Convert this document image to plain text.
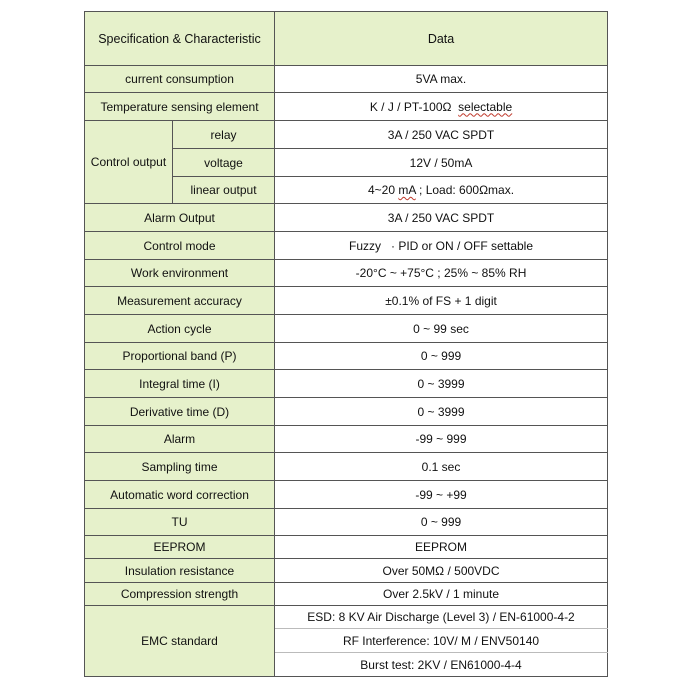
Specification & Characteristic		Data
current consumption		5VA max.
Temperature sensing element		K / J / PT-100Ω selectable
Control output	relay	3A / 250 VAC SPDT
	voltage	12V / 50mA
	linear output	4~20 mA ; Load: 600Ωmax.
Alarm Output		3A / 250 VAC SPDT
Control mode		Fuzzy   · PID or ON / OFF settable
Work environment		-20°C ~ +75°C ; 25% ~ 85% RH
Measurement accuracy		±0.1% of FS + 1 digit
Action cycle		0 ~ 99 sec
Proportional band (P)		0 ~ 999
Integral time (I)		0 ~ 3999
Derivative time (D)		0 ~ 3999
Alarm		-99 ~ 999
Sampling time		0.1 sec
Automatic word correction		-99 ~ +99
TU		0 ~ 999
EEPROM		EEPROM
Insulation resistance		Over 50MΩ / 500VDC
Compression strength		Over 2.5kV / 1 minute
EMC standard		ESD: 8 KV Air Discharge (Level 3) / EN-61000-4-2
		RF Interference: 10V/ M / ENV50140
		Burst test: 2KV / EN61000-4-4
